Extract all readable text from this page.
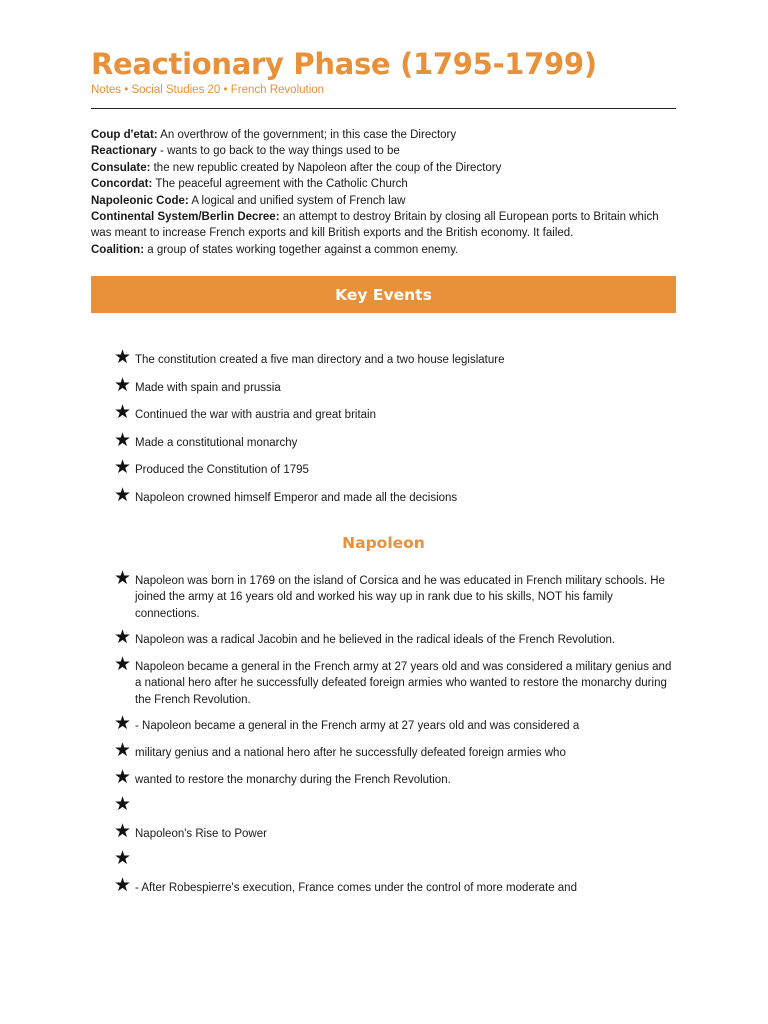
Reactionary Phase (1795-1799)
Notes • Social Studies 20 • French Revolution

Coup d'etat: An overthrow of the government; in this case the Directory

Reactionary - wants to go back to the way things used to be

Consulate: the new republic created by Napoleon after the coup of the Directory

Concordat: The peaceful agreement with the Catholic Church

Napoleonic Code: A logical and unified system of French law

Continental System/Berlin Decree: an attempt to destroy Britain by closing all European ports to Britain which was meant to increase French exports and kill British exports and the British economy. It failed.

Coalition: a group of states working together against a common enemy.

Key Events
★ The constitution created a five man directory and a two house legislature
★ Made with spain and prussia
★ Continued the war with austria and great britain
★ Made a constitutional monarchy
★ Produced the Constitution of 1795
★ Napoleon crowned himself Emperor and made all the decisions
Napoleon
★ Napoleon was born in 1769 on the island of Corsica and he was educated in French military schools. He joined the army at 16 years old and worked his way up in rank due to his skills, NOT his family connections.
★ Napoleon was a radical Jacobin and he believed in the radical ideals of the French Revolution.
★ Napoleon became a general in the French army at 27 years old and was considered a military genius and a national hero after he successfully defeated foreign armies who wanted to restore the monarchy during the French Revolution.
★ - Napoleon became a general in the French army at 27 years old and was considered a
★ military genius and a national hero after he successfully defeated foreign armies who
★ wanted to restore the monarchy during the French Revolution.
★
★ Napoleon's Rise to Power
★
★ - After Robespierre's execution, France comes under the control of more moderate and
